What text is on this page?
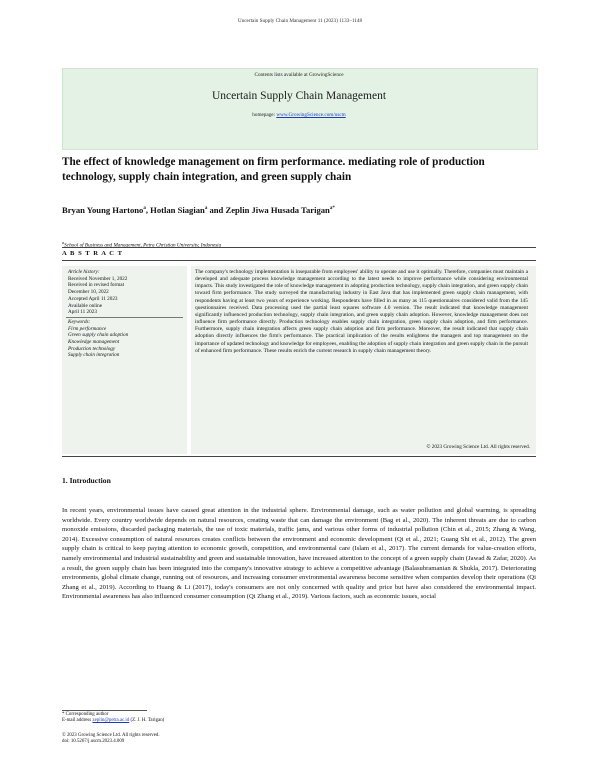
Uncertain Supply Chain Management 11 (2023) 1133–1148
Contents lists available at GrowingScience
Uncertain Supply Chain Management
homepage: www.GrowingScience.com/uscm
The effect of knowledge management on firm performance. mediating role of production technology, supply chain integration, and green supply chain
Bryan Young Hartono$^a$, Hotlan Siagian$^a$ and Zeplin Jiwa Husada Tarigan$^{a*}$
$^a$School of Business and Management, Petra Christian University, Indonesia
A B S T R A C T
Article history:
Received November 1, 2022
Received in revised format
December 10, 2022
Accepted April 11 2023
Available online
April 11 2023
Keywords:
Firm performance
Green supply chain adoption
Knowledge management
Production technology
Supply chain integration
The company's technology implementation is inseparable from employees' ability to operate and use it optimally. Therefore, companies must maintain a developed and adequate process knowledge management according to the latest needs to improve performance while considering environmental impacts. This study investigated the role of knowledge management in adopting production technology, supply chain integration, and green supply chain toward firm performance. The study surveyed the manufacturing industry in East Java that has implemented green supply chain management, with respondents having at least two years of experience working. Respondents have filled in as many as 115 questionnaires considered valid from the 145 questionnaires received. Data processing used the partial least squares software 4.0 version. The result indicated that knowledge management significantly influenced production technology, supply chain integration, and green supply chain adoption. However, knowledge management does not influence firm performance directly. Production technology enables supply chain integration, green supply chain adoption, and firm performance. Furthermore, supply chain integration affects green supply chain adoption and firm performance. Moreover, the result indicated that supply chain adoption directly influences the firm's performance. The practical implication of the results enlightens the managers and top management on the importance of updated technology and knowledge for employees, enabling the adoption of supply chain integration and green supply chain in the pursuit of enhanced firm performance. These results enrich the current research in supply chain management theory.
© 2023 Growing Science Ltd. All rights reserved.
1. Introduction
In recent years, environmental issues have caused great attention in the industrial sphere. Environmental damage, such as water pollution and global warming, is spreading worldwide. Every country worldwide depends on natural resources, creating waste that can damage the environment (Bag et al., 2020). The inherent threats are due to carbon monoxide emissions, discarded packaging materials, the use of toxic materials, traffic jams, and various other forms of industrial pollution (Chin et al., 2015; Zhang & Wang, 2014). Excessive consumption of natural resources creates conflicts between the environment and economic development (Qi et al., 2021; Guang Shi et al., 2012). The green supply chain is critical to keep paying attention to economic growth, competition, and environmental care (Islam et al., 2017). The current demands for value-creation efforts, namely environmental and industrial sustainability and green and sustainable innovation, have increased attention to the concept of a green supply chain (Jawad & Zafar, 2020). As a result, the green supply chain has been integrated into the company's innovative strategy to achieve a competitive advantage (Balasubramanian & Shukla, 2017). Deteriorating environments, global climate change, running out of resources, and increasing consumer environmental awareness become sensitive when companies develop their operations (Qi Zhang et al., 2019). According to Huang & Li (2017), today's consumers are not only concerned with quality and price but have also considered the environmental impact. Environmental awareness has also influenced consumer consumption (Qi Zhang et al., 2019). Various factors, such as economic issues, social
* Corresponding author
E-mail address zeplin@petra.ac.id (Z. J. H. Tarigan)
© 2023 Growing Science Ltd. All rights reserved.
doi: 10.5267/j.uscm.2023.4.009
